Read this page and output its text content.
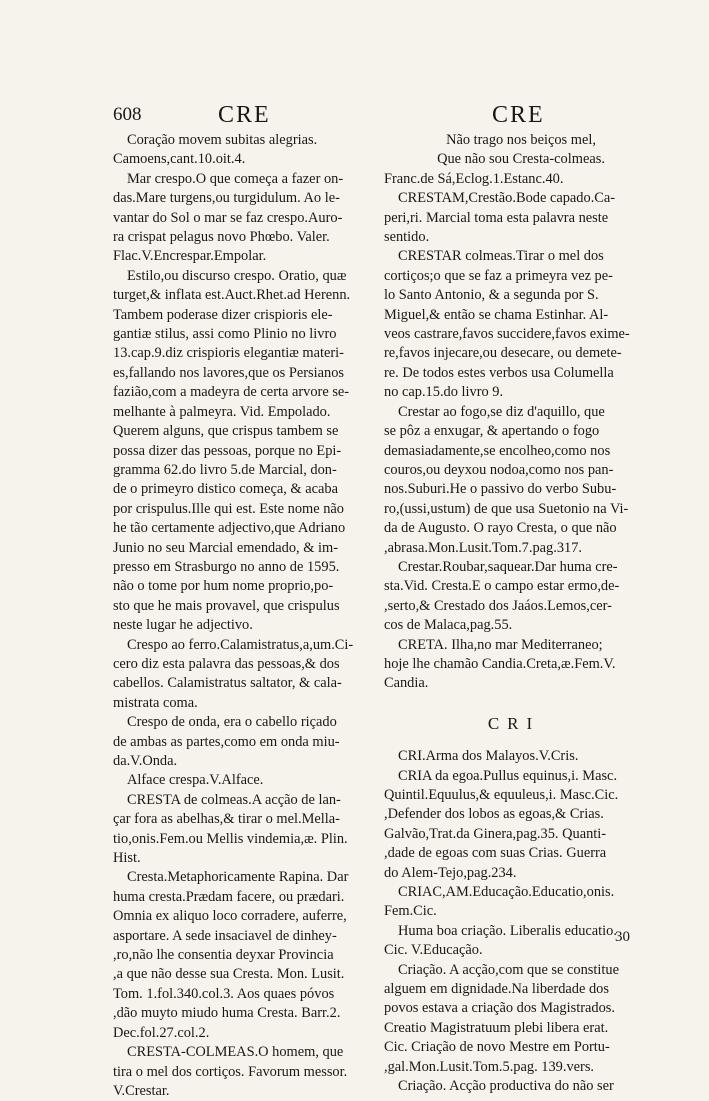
608	CRE	CRE
Coração movem subitas alegrias.
Camoens,cant.10.oit.4.
Mar crespo.O que começa a fazer on-
das.Mare turgens,ou turgidulum. Ao le-
vantar do Sol o mar se faz crespo.Auro-
ra crispat pelagus novo Phœbo. Valer.
Flac.V.Encrespar.Empolar.
Estilo,ou discurso crespo. Oratio, quæ
turget,& inflata est.Auct.Rhet.ad Herenn.
Tambem poderase dizer crispioris ele-
gantiæ stilus, assi como Plinio no livro
13.cap.9.diz crispioris elegantiæ materi-
es,fallando nos lavores,que os Persianos
fazião,com a madeyra de certa arvore se-
melhante à palmeyra. Vid. Empolado.
Querem alguns, que crispus tambem se
possa dizer das pessoas, porque no Epi-
gramma 62.do livro 5.de Marcial, don-
de o primeyro distico começa, & acaba
por crispulus.Ille qui est. Este nome não
he tão certamente adjectivo,que Adriano
Junio no seu Marcial emendado, & im-
presso em Strasburgo no anno de 1595.
não o tome por hum nome proprio,po-
sto que he mais provavel, que crispulus
neste lugar he adjectivo.
Crespo ao ferro.Calamistratus,a,um.Ci-
cero diz esta palavra das pessoas,& dos
cabellos. Calamistratus saltator, & cala-
mistrata coma.
Crespo de onda, era o cabello riçado
de ambas as partes,como em onda miu-
da.V.Onda.
Alface crespa.V.Alface.
CRESTA de colmeas.A acção de lan-
çar fora as abelhas,& tirar o mel.Mella-
tio,onis.Fem.ou Mellis vindemia,æ. Plin.
Hist.
Cresta.Metaphoricamente Rapina. Dar
huma cresta.Prædam facere, ou prædari.
Omnia ex aliquo loco corradere, auferre,
asportare. A sede insaciavel de dinhey-
,ro,não lhe consentia deyxar Provincia
,a que não desse sua Cresta. Mon. Lusit.
Tom. 1.fol.340.col.3. Aos quaes póvos
,dão muyto miudo huma Cresta. Barr.2.
Dec.fol.27.col.2.
CRESTA-COLMEAS.O homem, que
tira o mel dos cortiços. Favorum messor.
V.Crestar.
Não trago nos beiços mel,
Que não sou Cresta-colmeas.
Franc.de Sá,Eclog.1.Estanc.40.
CRESTAM,Crestão.Bode capado.Ca-
peri,ri. Marcial toma esta palavra neste
sentido.
CRESTAR colmeas.Tirar o mel dos
cortiços;o que se faz a primeyra vez pe-
lo Santo Antonio, & a segunda por S.
Miguel,& então se chama Estinhar. Al-
veos castrare,favos succidere,favos exime-
re,favos injecare,ou desecare, ou demete-
re. De todos estes verbos usa Columella
no cap.15.do livro 9.
Crestar ao fogo,se diz d'aquillo, que
se pôz a enxugar, & apertando o fogo
demasiadamente,se encolheo,como nos
couros,ou deyxou nodoa,como nos pan-
nos.Suburi.He o passivo do verbo Subu-
ro,(ussi,ustum) de que usa Suetonio na Vi-
da de Augusto. O rayo Cresta, o que não
,abrasa.Mon.Lusit.Tom.7.pag.317.
Crestar.Roubar,saquear.Dar huma cre-
sta.Vid. Cresta.E o campo estar ermo,de-
,serto,& Crestado dos Jaáos.Lemos,cer-
cos de Malaca,pag.55.
CRETA. Ilha,no mar Mediterraneo;
hoje lhe chamão Candia.Creta,æ.Fem.V.
Candia.
CRI
CRI.Arma dos Malayos.V.Cris.
CRIA da egoa.Pullus equinus,i. Masc.
Quintil.Equulus,& equuleus,i. Masc.Cic.
,Defender dos lobos as egoas,& Crias.
Galvão,Trat.da Ginera,pag.35. Quanti-
,dade de egoas com suas Crias. Guerra
do Alem-Tejo,pag.234.
CRIAC,AM.Educação.Educatio,onis.
Fem.Cic.
Huma boa criação. Liberalis educatio.
Cic. V.Educação.
Criação. A acção,com que se constitue
alguem em dignidade.Na liberdade dos
povos estava a criação dos Magistrados.
Creatio Magistratuum plebi libera erat.
Cic. Criação de novo Mestre em Portu-
,gal.Mon.Lusit.Tom.5.pag. 139.vers.
Criação. Acção productiva do não ser
30
